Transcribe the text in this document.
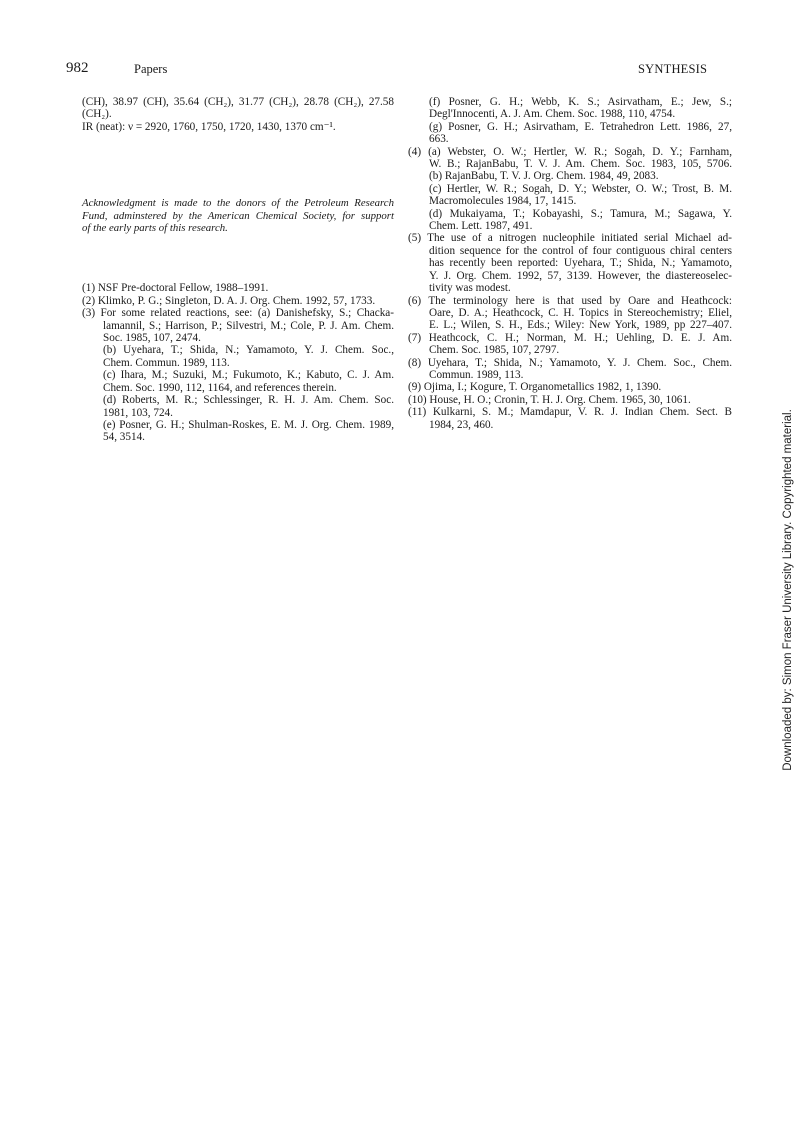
982	Papers	SYNTHESIS
(CH), 38.97 (CH), 35.64 (CH₂), 31.77 (CH₂), 28.78 (CH₂), 27.58
(CH₂).
IR (neat): ν = 2920, 1760, 1750, 1720, 1430, 1370 cm⁻¹.
Acknowledgment is made to the donors of the Petroleum Research
Fund, adminstered by the American Chemical Society, for support
of the early parts of this research.
(1) NSF Pre-doctoral Fellow, 1988–1991.
(2) Klimko, P. G.; Singleton, D. A. J. Org. Chem. 1992, 57, 1733.
(3) For some related reactions, see: (a) Danishefsky, S.; Chacka-
lamannil, S.; Harrison, P.; Silvestri, M.; Cole, P. J. Am. Chem.
Soc. 1985, 107, 2474.
(b) Uyehara, T.; Shida, N.; Yamamoto, Y. J. Chem. Soc.,
Chem. Commun. 1989, 113.
(c) Ihara, M.; Suzuki, M.; Fukumoto, K.; Kabuto, C. J. Am.
Chem. Soc. 1990, 112, 1164, and references therein.
(d) Roberts, M. R.; Schlessinger, R. H. J. Am. Chem. Soc.
1981, 103, 724.
(e) Posner, G. H.; Shulman-Roskes, E. M. J. Org. Chem. 1989,
54, 3514.
(f) Posner, G. H.; Webb, K. S.; Asirvatham, E.; Jew, S.;
Degl'Innocenti, A. J. Am. Chem. Soc. 1988, 110, 4754.
(g) Posner, G. H.; Asirvatham, E. Tetrahedron Lett. 1986, 27,
663.
(4) (a) Webster, O. W.; Hertler, W. R.; Sogah, D. Y.; Farnham,
W. B.; RajanBabu, T. V. J. Am. Chem. Soc. 1983, 105, 5706.
(b) RajanBabu, T. V. J. Org. Chem. 1984, 49, 2083.
(c) Hertler, W. R.; Sogah, D. Y.; Webster, O. W.; Trost, B. M.
Macromolecules 1984, 17, 1415.
(d) Mukaiyama, T.; Kobayashi, S.; Tamura, M.; Sagawa, Y.
Chem. Lett. 1987, 491.
(5) The use of a nitrogen nucleophile initiated serial Michael ad-
dition sequence for the control of four contiguous chiral centers
has recently been reported: Uyehara, T.; Shida, N.; Yamamoto,
Y. J. Org. Chem. 1992, 57, 3139. However, the diastereoselec-
tivity was modest.
(6) The terminology here is that used by Oare and Heathcock:
Oare, D. A.; Heathcock, C. H. Topics in Stereochemistry; Eliel,
E. L.; Wilen, S. H., Eds.; Wiley: New York, 1989, pp 227–407.
(7) Heathcock, C. H.; Norman, M. H.; Uehling, D. E. J. Am.
Chem. Soc. 1985, 107, 2797.
(8) Uyehara, T.; Shida, N.; Yamamoto, Y. J. Chem. Soc., Chem.
Commun. 1989, 113.
(9) Ojima, I.; Kogure, T. Organometallics 1982, 1, 1390.
(10) House, H. O.; Cronin, T. H. J. Org. Chem. 1965, 30, 1061.
(11) Kulkarni, S. M.; Mamdapur, V. R. J. Indian Chem. Sect. B
1984, 23, 460.	Downloaded by: Simon Fraser University Library. Copyrighted material.
